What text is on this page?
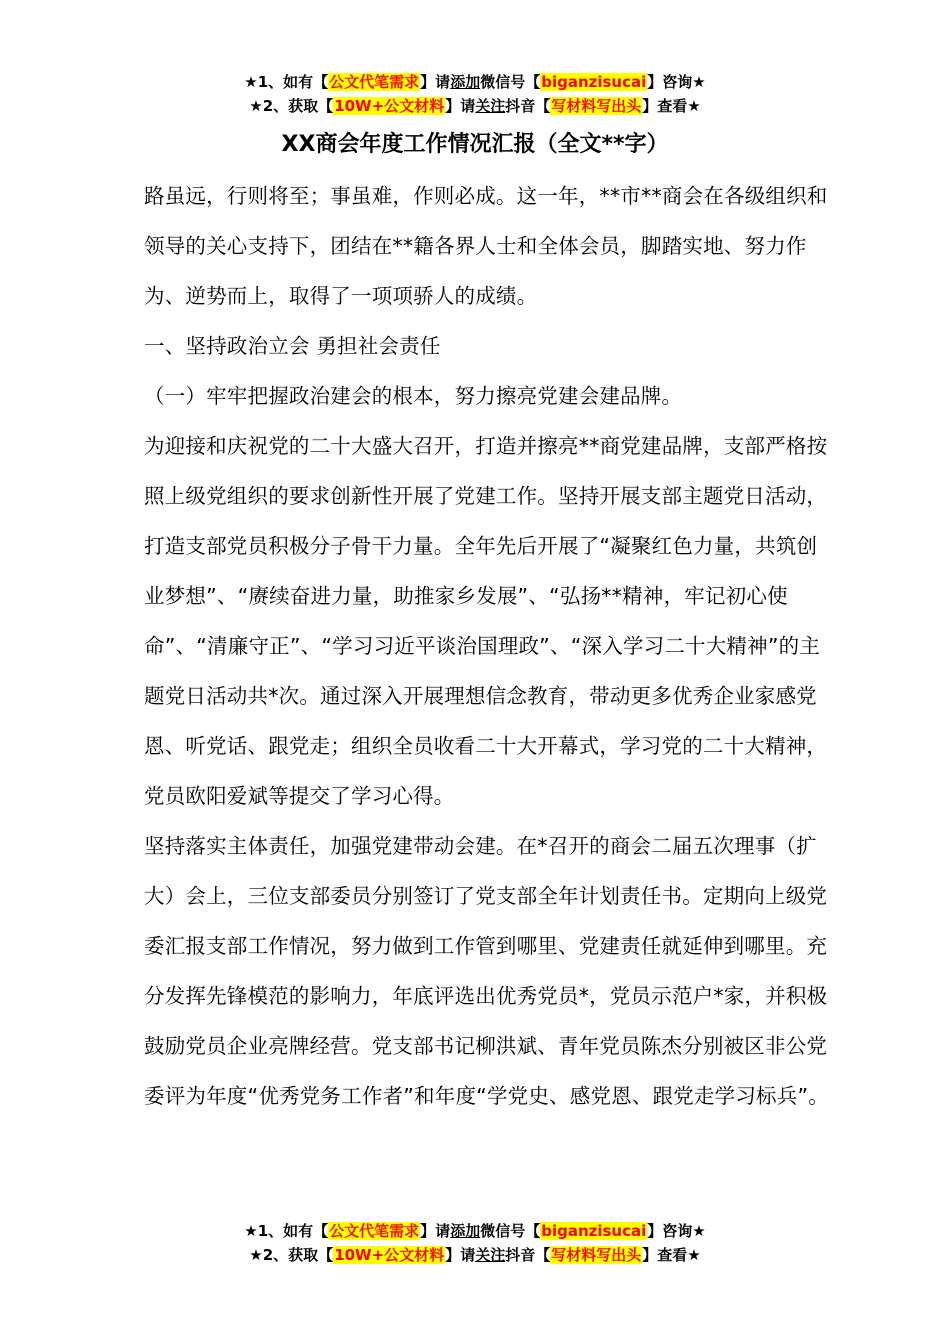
★1、如有【公文代笔需求】请添加微信号【biganzisucai】咨询★
★2、获取【10W+公文材料】请关注抖音【写材料写出头】查看★
XX商会年度工作情况汇报（全文**字）

路虽远，行则将至；事虽难，作则必成。这一年，**市**商会在各级组织和领导的关心支持下，团结在**籍各界人士和全体会员，脚踏实地、努力作为、逆势而上，取得了一项项骄人的成绩。

一、坚持政治立会 勇担社会责任

（一）牢牢把握政治建会的根本，努力擦亮党建会建品牌。

为迎接和庆祝党的二十大盛大召开，打造并擦亮**商党建品牌，支部严格按照上级党组织的要求创新性开展了党建工作。坚持开展支部主题党日活动，打造支部党员积极分子骨干力量。全年先后开展了“凝聚红色力量，共筑创业梦想”、“赓续奋进力量，助推家乡发展”、“弘扬**精神，牢记初心使命”、“清廉守正”、“学习习近平谈治国理政”、“深入学习二十大精神”的主题党日活动共*次。通过深入开展理想信念教育，带动更多优秀企业家感党恩、听党话、跟党走；组织全员收看二十大开幕式，学习党的二十大精神，党员欧阳爱斌等提交了学习心得。

坚持落实主体责任，加强党建带动会建。在*召开的商会二届五次理事（扩大）会上，三位支部委员分别签订了党支部全年计划责任书。定期向上级党委汇报支部工作情况，努力做到工作管到哪里、党建责任就延伸到哪里。充分发挥先锋模范的影响力，年底评选出优秀党员*，党员示范户*家，并积极鼓励党员企业亮牌经营。党支部书记柳洪斌、青年党员陈杰分别被区非公党委评为年度“优秀党务工作者”和年度“学党史、感党恩、跟党走学习标兵”。

★1、如有【公文代笔需求】请添加微信号【biganzisucai】咨询★
★2、获取【10W+公文材料】请关注抖音【写材料写出头】查看★
